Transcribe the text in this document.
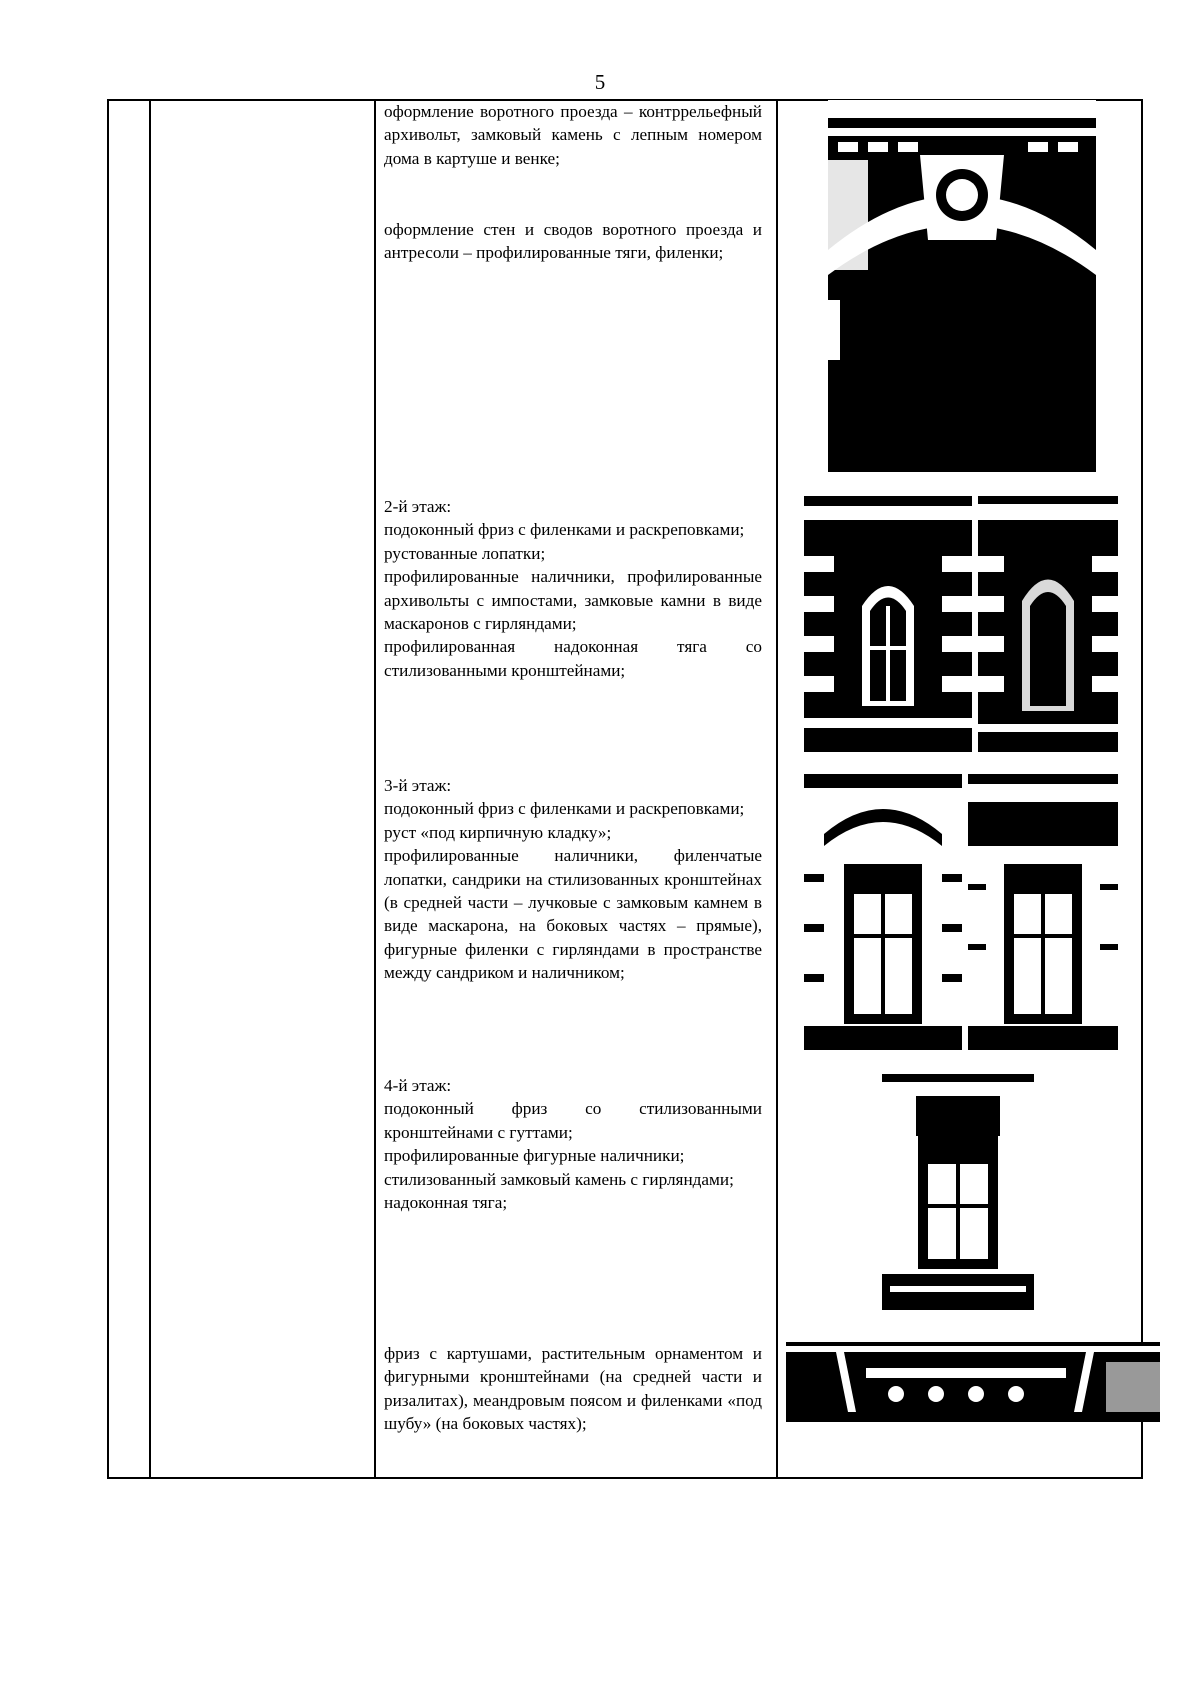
5

оформление воротного проезда – контррельефный архивольт, замковый камень с лепным номером дома в картуше и венке;

оформление стен и сводов воротного проезда и антресоли – профилированные тяги, филенки;

2-й этаж:

подоконный фриз с филенками и раскреповками;

рустованные лопатки;

профилированные наличники, профилированные архивольты с импостами, замковые камни в виде маскаронов с гирляндами;

профилированная надоконная тяга со стилизованными кронштейнами;

3-й этаж:

подоконный фриз с филенками и раскреповками;

руст «под кирпичную кладку»;

профилированные наличники, филенчатые лопатки, сандрики на стилизованных кронштейнах (в средней части – лучковые с замковым камнем в виде маскарона, на боковых частях – прямые), фигурные филенки с гирляндами в пространстве между сандриком и наличником;

4-й этаж:

подоконный фриз со стилизованными кронштейнами с гуттами;

профилированные фигурные наличники;

стилизованный замковый камень с гирляндами;

надоконная тяга;

фриз с картушами, растительным орнаментом и фигурными кронштейнами (на средней части и ризалитах), меандровым поясом и филенками «под шубу» (на боковых частях);
